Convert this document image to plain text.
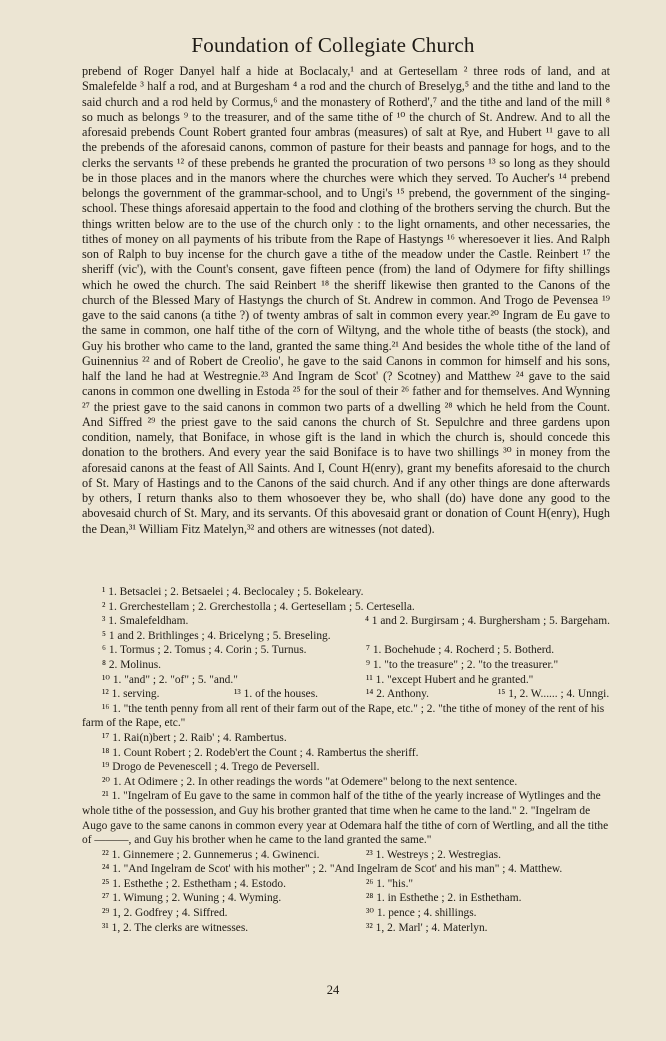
Foundation of Collegiate Church

prebend of Roger Danyel half a hide at Boclacaly,¹ and at Gertesellam ² three rods of land, and at Smalefelde ³ half a rod, and at Burgesham ⁴ a rod and the church of Breselyg,⁵ and the tithe and land to the said church and a rod held by Cormus,⁶ and the monastery of Rotherd',⁷ and the tithe and land of the mill ⁸ so much as belongs ⁹ to the treasurer, and of the same tithe of ¹⁰ the church of St. Andrew. And to all the aforesaid prebends Count Robert granted four ambras (measures) of salt at Rye, and Hubert ¹¹ gave to all the prebends of the aforesaid canons, common of pasture for their beasts and pannage for hogs, and to the clerks the servants ¹² of these prebends he granted the procuration of two persons ¹³ so long as they should be in those places and in the manors where the churches were which they served. To Aucher's ¹⁴ prebend belongs the government of the grammar-school, and to Ungi's ¹⁵ prebend, the government of the singing-school. These things aforesaid appertain to the food and clothing of the brothers serving the church. But the things written below are to the use of the church only : to the light ornaments, and other necessaries, the tithes of money on all payments of his tribute from the Rape of Hastyngs ¹⁶ wheresoever it lies. And Ralph son of Ralph to buy incense for the church gave a tithe of the meadow under the Castle. Reinbert ¹⁷ the sheriff (vic'), with the Count's consent, gave fifteen pence (from) the land of Odymere for fifty shillings which he owed the church. The said Reinbert ¹⁸ the sheriff likewise then granted to the Canons of the church of the Blessed Mary of Hastyngs the church of St. Andrew in common. And Trogo de Pevensea ¹⁹ gave to the said canons (a tithe ?) of twenty ambras of salt in common every year.²⁰ Ingram de Eu gave to the same in common, one half tithe of the corn of Wiltyng, and the whole tithe of beasts (the stock), and Guy his brother who came to the land, granted the same thing.²¹ And besides the whole tithe of the land of Guinennius ²² and of Robert de Creolio', he gave to the said Canons in common for himself and his sons, half the land he had at Westregnie.²³ And Ingram de Scot' (? Scotney) and Matthew ²⁴ gave to the said canons in common one dwelling in Estoda ²⁵ for the soul of their ²⁶ father and for themselves. And Wynning ²⁷ the priest gave to the said canons in common two parts of a dwelling ²⁸ which he held from the Count. And Siffred ²⁹ the priest gave to the said canons the church of St. Sepulchre and three gardens upon condition, namely, that Boniface, in whose gift is the land in which the church is, should concede this donation to the brothers. And every year the said Boniface is to have two shillings ³⁰ in money from the aforesaid canons at the feast of All Saints. And I, Count H(enry), grant my benefits aforesaid to the church of St. Mary of Hastings and to the Canons of the said church. And if any other things are done afterwards by others, I return thanks also to them whosoever they be, who shall (do) have done any good to the abovesaid church of St. Mary, and its servants. Of this abovesaid grant or donation of Count H(enry), Hugh the Dean,³¹ William Fitz Matelyn,³² and others are witnesses (not dated).

¹ 1. Betsaclei ; 2. Betsaelei ; 4. Beclocaley ; 5. Bokeleary.

² 1. Grerchestellam ; 2. Grerchestolla ; 4. Gertesellam ; 5. Certesella.

³ 1. Smalefeldham.	⁴ 1 and 2. Burgirsam ; 4. Burghersham ; 5. Bargeham.

⁵ 1 and 2. Brithlinges ; 4. Bricelyng ; 5. Breseling.

⁶ 1. Tormus ; 2. Tomus ; 4. Corin ; 5. Turnus.	⁷ 1. Bochehude ; 4. Rocherd ; 5. Botherd.
⁸ 2. Molinus.	⁹ 1. "to the treasure" ; 2. "to the treasurer."
¹⁰ 1. "and" ; 2. "of" ; 5. "and."	¹¹ 1. "except Hubert and he granted."
¹² 1. serving.	¹³ 1. of the houses.	¹⁴ 2. Anthony.	¹⁵ 1, 2. W...... ; 4. Unngi.

¹⁶ 1. "the tenth penny from all rent of their farm out of the Rape, etc." ; 2. "the tithe of money of the rent of his farm of the Rape, etc."

¹⁷ 1. Rai(n)bert ; 2. Raib' ; 4. Rambertus.

¹⁸ 1. Count Robert ; 2. Rodeb'ert the Count ; 4. Rambertus the sheriff.

¹⁹ Drogo de Pevenescell ; 4. Trego de Peversell.

²⁰ 1. At Odimere ; 2. In other readings the words "at Odemere" belong to the next sentence.

²¹ 1. "Ingelram of Eu gave to the same in common half of the tithe of the yearly increase of Wytlinges and the whole tithe of the possession, and Guy his brother granted that time when he came to the land." 2. "Ingelram de Augo gave to the same canons in common every year at Odemara half the tithe of corn of Wertling, and all the tithe of ———, and Guy his brother when he came to the land granted the same."

²² 1. Ginnemere ; 2. Gunnemerus ; 4. Gwinenci.	²³ 1. Westreys ; 2. Westregias.

²⁴ 1. "And Ingelram de Scot' with his mother" ; 2. "And Ingelram de Scot' and his man" ; 4. Matthew.

²⁵ 1. Esthethe ; 2. Esthetham ; 4. Estodo.	²⁶ 1. "his."
²⁷ 1. Wimung ; 2. Wuning ; 4. Wyming.	²⁸ 1. in Esthethe ; 2. in Esthetham.
²⁹ 1, 2. Godfrey ; 4. Siffred.	³⁰ 1. pence ; 4. shillings.
³¹ 1, 2. The clerks are witnesses.	³² 1, 2. Marl' ; 4. Materlyn.
24
